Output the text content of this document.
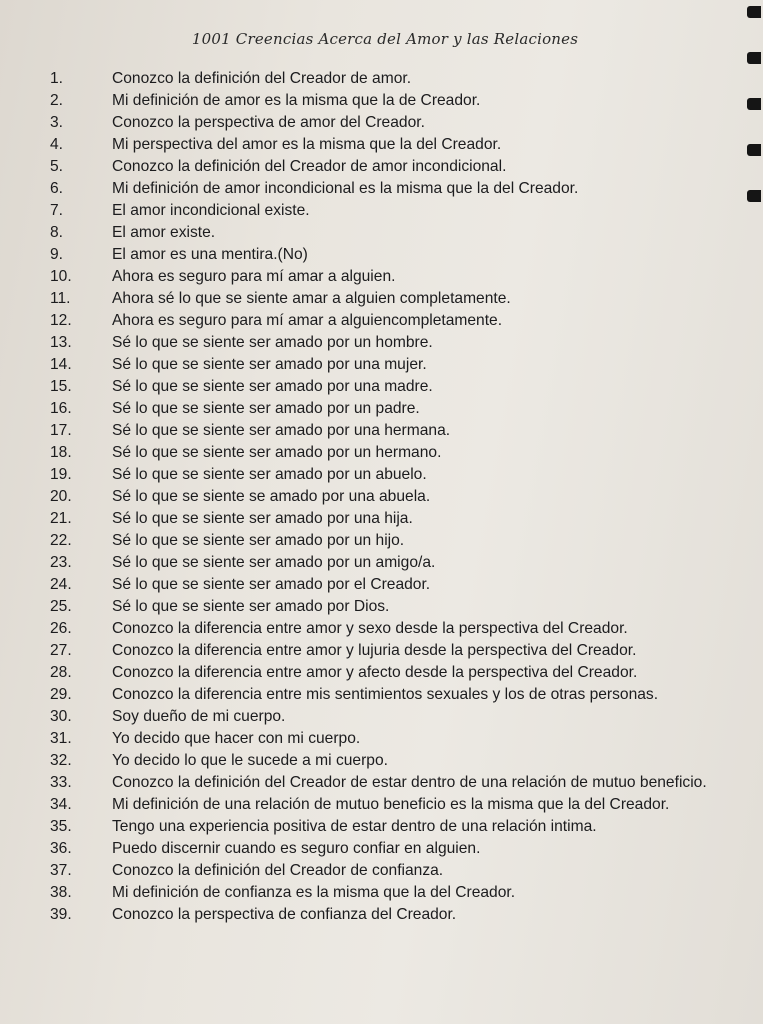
1001 Creencias Acerca del Amor y las Relaciones
1.	Conozco la definición del Creador de amor.
2.	Mi definición de amor es la misma que la de Creador.
3.	Conozco la perspectiva de amor del Creador.
4.	Mi perspectiva del amor es la misma que la del Creador.
5.	Conozco la definición del Creador de amor incondicional.
6.	Mi definición de amor incondicional es la misma que la del Creador.
7.	El amor incondicional existe.
8.	El amor existe.
9.	El amor es una mentira.(No)
10.	Ahora es seguro para mí amar a alguien.
11.	Ahora sé lo que se siente amar a alguien completamente.
12.	Ahora es seguro para mí amar a alguiencompletamente.
13.	Sé lo que se siente ser amado por un hombre.
14.	Sé lo que se siente ser amado por una mujer.
15.	Sé lo que se siente ser amado por una madre.
16.	Sé lo que se siente ser amado por un padre.
17.	Sé lo que se siente ser amado por una hermana.
18.	Sé lo que se siente ser amado por un hermano.
19.	Sé lo que se siente ser amado por un abuelo.
20.	Sé lo que se siente se amado por una abuela.
21.	Sé lo que se siente ser amado por una hija.
22.	Sé lo que se siente ser amado por un hijo.
23.	Sé lo que se siente ser amado por un amigo/a.
24.	Sé lo que se siente ser amado por el Creador.
25.	Sé lo que se siente ser amado por Dios.
26.	Conozco la diferencia entre amor y sexo desde la perspectiva del Creador.
27.	Conozco la diferencia entre amor y lujuria desde la perspectiva del Creador.
28.	Conozco la diferencia entre amor y afecto desde la perspectiva del Creador.
29.	Conozco la diferencia entre mis sentimientos sexuales y los de otras personas.
30.	Soy dueño de mi cuerpo.
31.	Yo decido que hacer con mi cuerpo.
32.	Yo decido lo que le sucede a mi cuerpo.
33.	Conozco la definición del Creador de estar dentro de una relación de mutuo beneficio.
34.	Mi definición de una relación de mutuo beneficio es la misma que la del Creador.
35.	Tengo una experiencia positiva de estar dentro de una relación intima.
36.	Puedo discernir cuando es seguro confiar en alguien.
37.	Conozco la definición del Creador de confianza.
38.	Mi definición de confianza es la misma que la del Creador.
39.	Conozco la perspectiva de confianza del Creador.
